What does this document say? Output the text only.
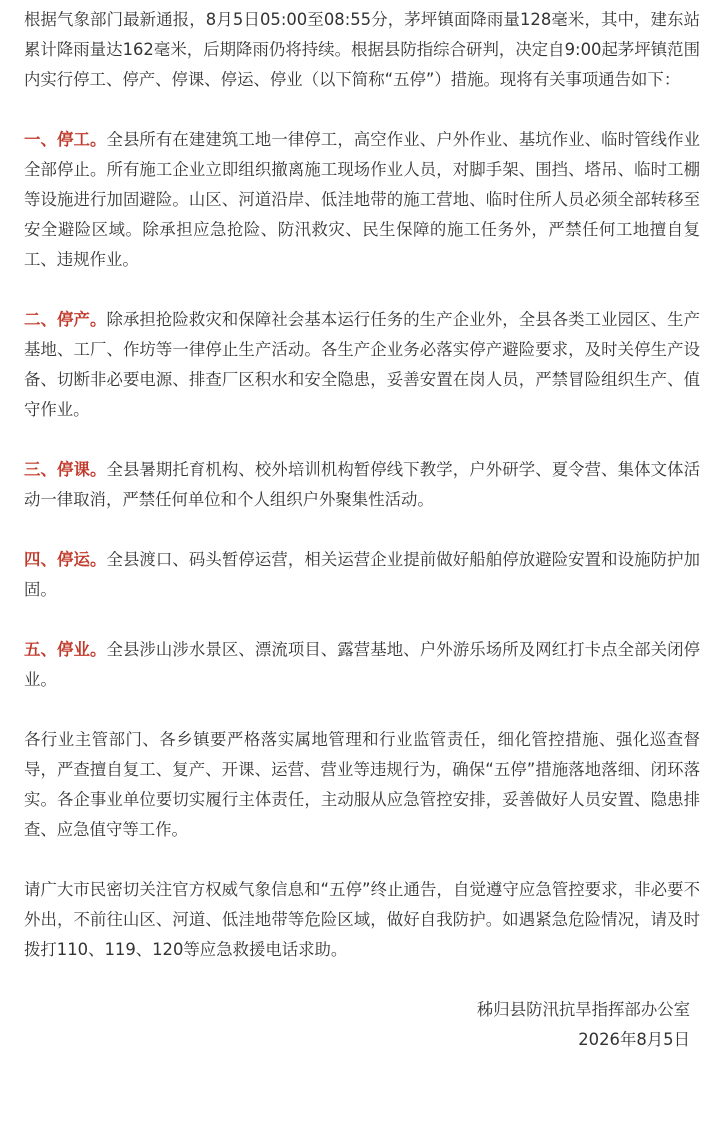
根据气象部门最新通报，8月5日05:00至08:55分，茅坪镇面降雨量128毫米，其中，建东站累计降雨量达162毫米，后期降雨仍将持续。根据县防指综合研判，决定自9:00起茅坪镇范围内实行停工、停产、停课、停运、停业（以下简称“五停”）措施。现将有关事项通告如下：

一、停工。全县所有在建建筑工地一律停工，高空作业、户外作业、基坑作业、临时管线作业全部停止。所有施工企业立即组织撤离施工现场作业人员，对脚手架、围挡、塔吊、临时工棚等设施进行加固避险。山区、河道沿岸、低洼地带的施工营地、临时住所人员必须全部转移至安全避险区域。除承担应急抢险、防汛救灾、民生保障的施工任务外，严禁任何工地擅自复工、违规作业。

二、停产。除承担抢险救灾和保障社会基本运行任务的生产企业外，全县各类工业园区、生产基地、工厂、作坊等一律停止生产活动。各生产企业务必落实停产避险要求，及时关停生产设备、切断非必要电源、排查厂区积水和安全隐患，妥善安置在岗人员，严禁冒险组织生产、值守作业。

三、停课。全县暑期托育机构、校外培训机构暂停线下教学，户外研学、夏令营、集体文体活动一律取消，严禁任何单位和个人组织户外聚集性活动。

四、停运。全县渡口、码头暂停运营，相关运营企业提前做好船舶停放避险安置和设施防护加固。

五、停业。全县涉山涉水景区、漂流项目、露营基地、户外游乐场所及网红打卡点全部关闭停业。

各行业主管部门、各乡镇要严格落实属地管理和行业监管责任，细化管控措施、强化巡查督导，严查擅自复工、复产、开课、运营、营业等违规行为，确保“五停”措施落地落细、闭环落实。各企事业单位要切实履行主体责任，主动服从应急管控安排，妥善做好人员安置、隐患排查、应急值守等工作。

请广大市民密切关注官方权威气象信息和“五停”终止通告，自觉遵守应急管控要求，非必要不外出，不前往山区、河道、低洼地带等危险区域，做好自我防护。如遇紧急危险情况，请及时拨打110、119、120等应急救援电话求助。

秭归县防汛抗旱指挥部办公室

2026年8月5日
